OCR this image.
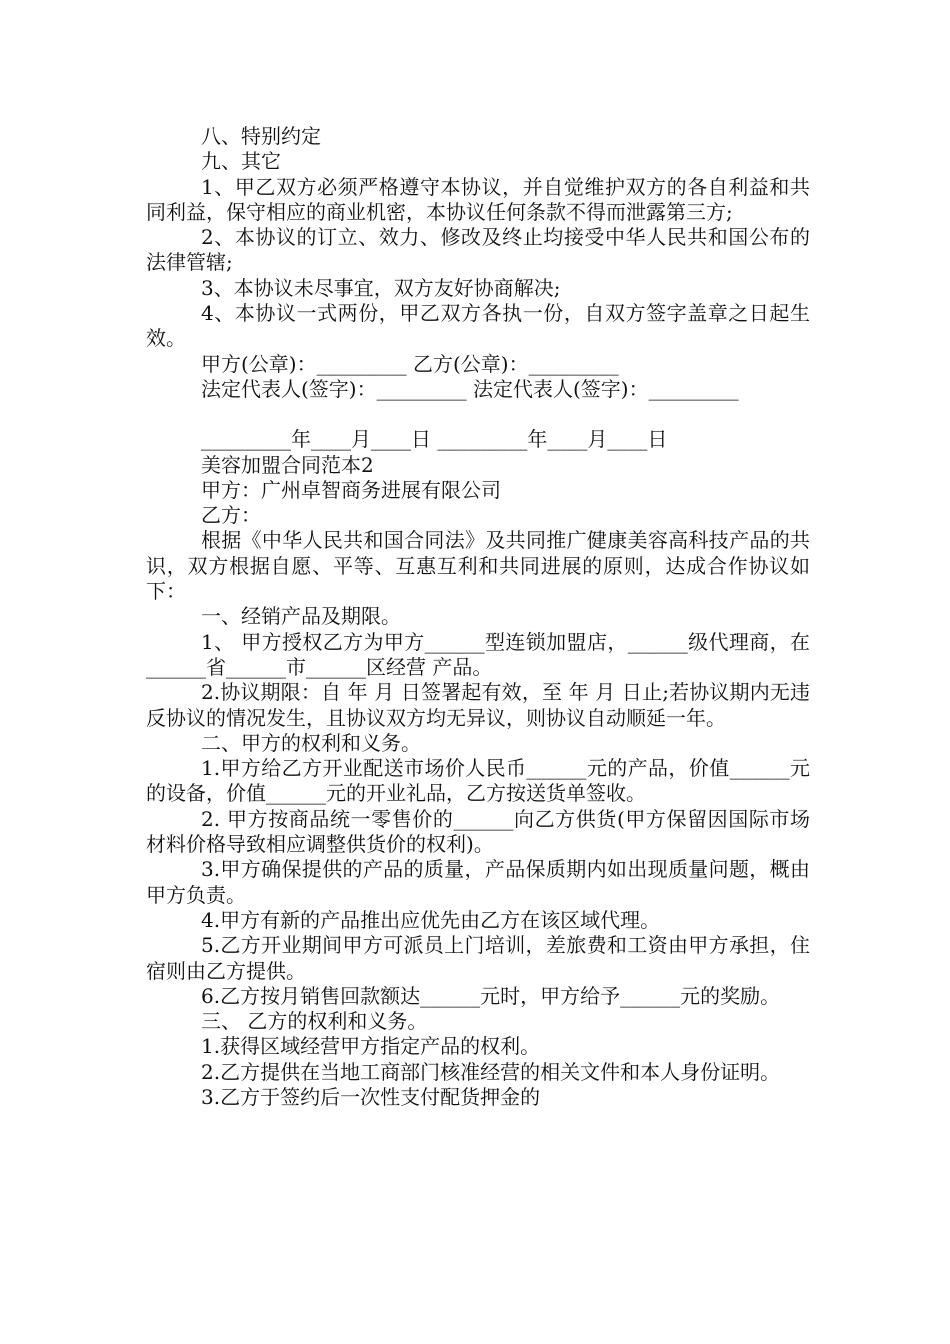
八、特别约定

九、其它

1、甲乙双方必须严格遵守本协议，并自觉维护双方的各自利益和共同利益，保守相应的商业机密，本协议任何条款不得而泄露第三方;

2、本协议的订立、效力、修改及终止均接受中华人民共和国公布的法律管辖;

3、本协议未尽事宜，双方友好协商解决;

4、本协议一式两份，甲乙双方各执一份，自双方签字盖章之日起生效。

甲方(公章)：_________ 乙方(公章)：_________

法定代表人(签字)：_________ 法定代表人(签字)：_________

_________年____月____日 _________年____月____日

美容加盟合同范本2

甲方：广州卓智商务进展有限公司

乙方：

根据《中华人民共和国合同法》及共同推广健康美容高科技产品的共识，双方根据自愿、平等、互惠互利和共同进展的原则，达成合作协议如下：

一、经销产品及期限。

1、 甲方授权乙方为甲方______型连锁加盟店，______级代理商，在______省______市______区经营 产品。

2.协议期限：自 年 月 日签署起有效，至 年 月 日止;若协议期内无违反协议的情况发生，且协议双方均无异议，则协议自动顺延一年。

二、甲方的权利和义务。

1.甲方给乙方开业配送市场价人民币______元的产品，价值______元的设备，价值______元的开业礼品，乙方按送货单签收。

2. 甲方按商品统一零售价的______向乙方供货(甲方保留因国际市场材料价格导致相应调整供货价的权利)。

3.甲方确保提供的产品的质量，产品保质期内如出现质量问题，概由甲方负责。

4.甲方有新的产品推出应优先由乙方在该区域代理。

5.乙方开业期间甲方可派员上门培训，差旅费和工资由甲方承担，住宿则由乙方提供。

6.乙方按月销售回款额达______元时，甲方给予______元的奖励。

三、 乙方的权利和义务。

1.获得区域经营甲方指定产品的权利。

2.乙方提供在当地工商部门核准经营的相关文件和本人身份证明。

3.乙方于签约后一次性支付配货押金的
